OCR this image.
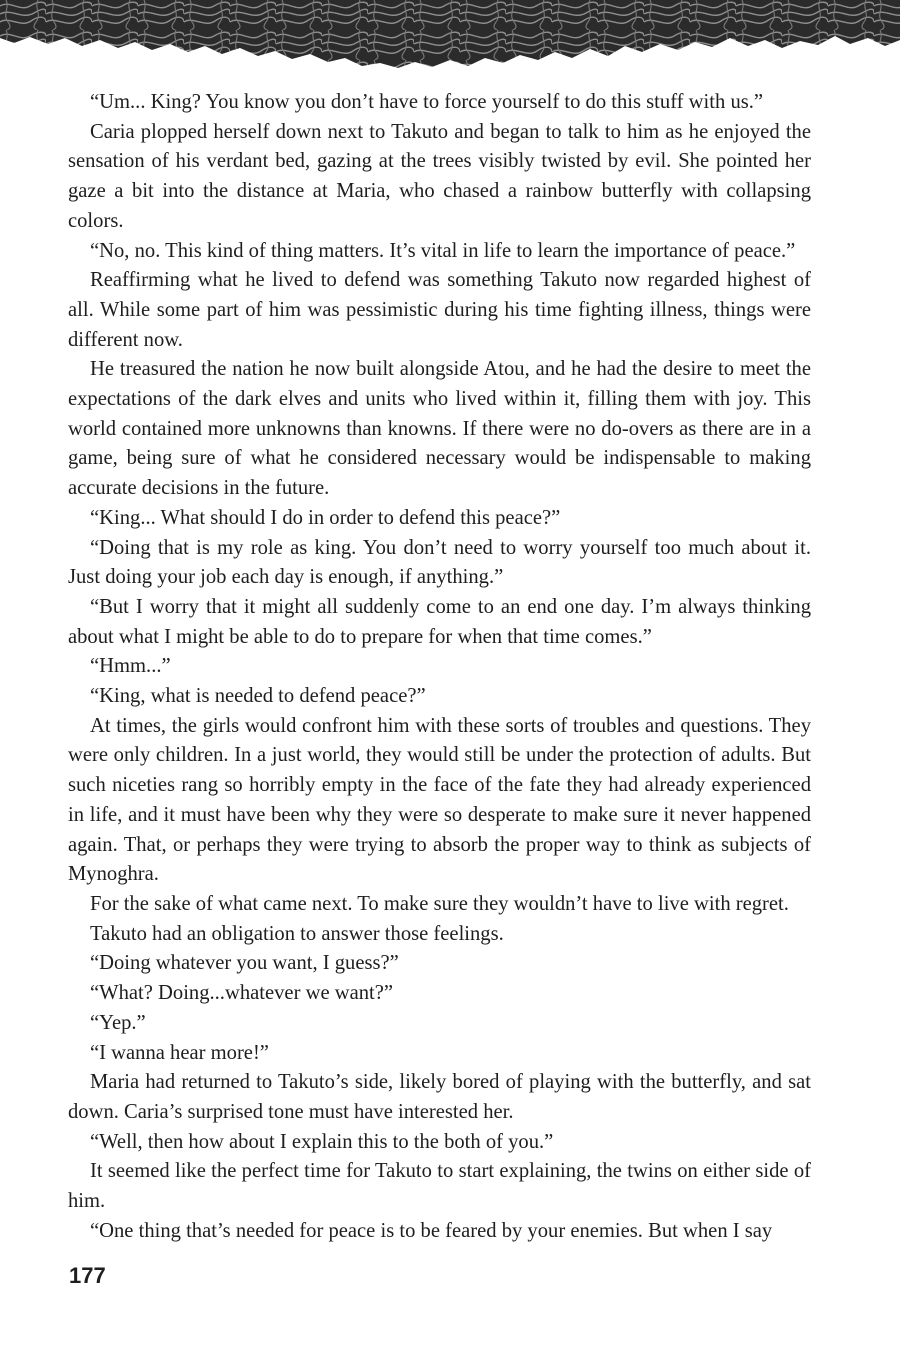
“Um... King? You know you don’t have to force yourself to do this stuff with us.”

Caria plopped herself down next to Takuto and began to talk to him as he enjoyed the sensation of his verdant bed, gazing at the trees visibly twisted by evil. She pointed her gaze a bit into the distance at Maria, who chased a rainbow butterfly with collapsing colors.

“No, no. This kind of thing matters. It’s vital in life to learn the importance of peace.”

Reaffirming what he lived to defend was something Takuto now regarded highest of all. While some part of him was pessimistic during his time fighting illness, things were different now.

He treasured the nation he now built alongside Atou, and he had the desire to meet the expectations of the dark elves and units who lived within it, filling them with joy. This world contained more unknowns than knowns. If there were no do-overs as there are in a game, being sure of what he considered necessary would be indispensable to making accurate decisions in the future.

“King... What should I do in order to defend this peace?”

“Doing that is my role as king. You don’t need to worry yourself too much about it. Just doing your job each day is enough, if anything.”

“But I worry that it might all suddenly come to an end one day. I’m always thinking about what I might be able to do to prepare for when that time comes.”

“Hmm...”

“King, what is needed to defend peace?”

At times, the girls would confront him with these sorts of troubles and questions. They were only children. In a just world, they would still be under the protection of adults. But such niceties rang so horribly empty in the face of the fate they had already experienced in life, and it must have been why they were so desperate to make sure it never happened again. That, or perhaps they were trying to absorb the proper way to think as subjects of Mynoghra.

For the sake of what came next. To make sure they wouldn’t have to live with regret.

Takuto had an obligation to answer those feelings.

“Doing whatever you want, I guess?”

“What? Doing...whatever we want?”

“Yep.”

“I wanna hear more!”

Maria had returned to Takuto’s side, likely bored of playing with the butterfly, and sat down. Caria’s surprised tone must have interested her.

“Well, then how about I explain this to the both of you.”

It seemed like the perfect time for Takuto to start explaining, the twins on either side of him.

“One thing that’s needed for peace is to be feared by your enemies. But when I say

177
